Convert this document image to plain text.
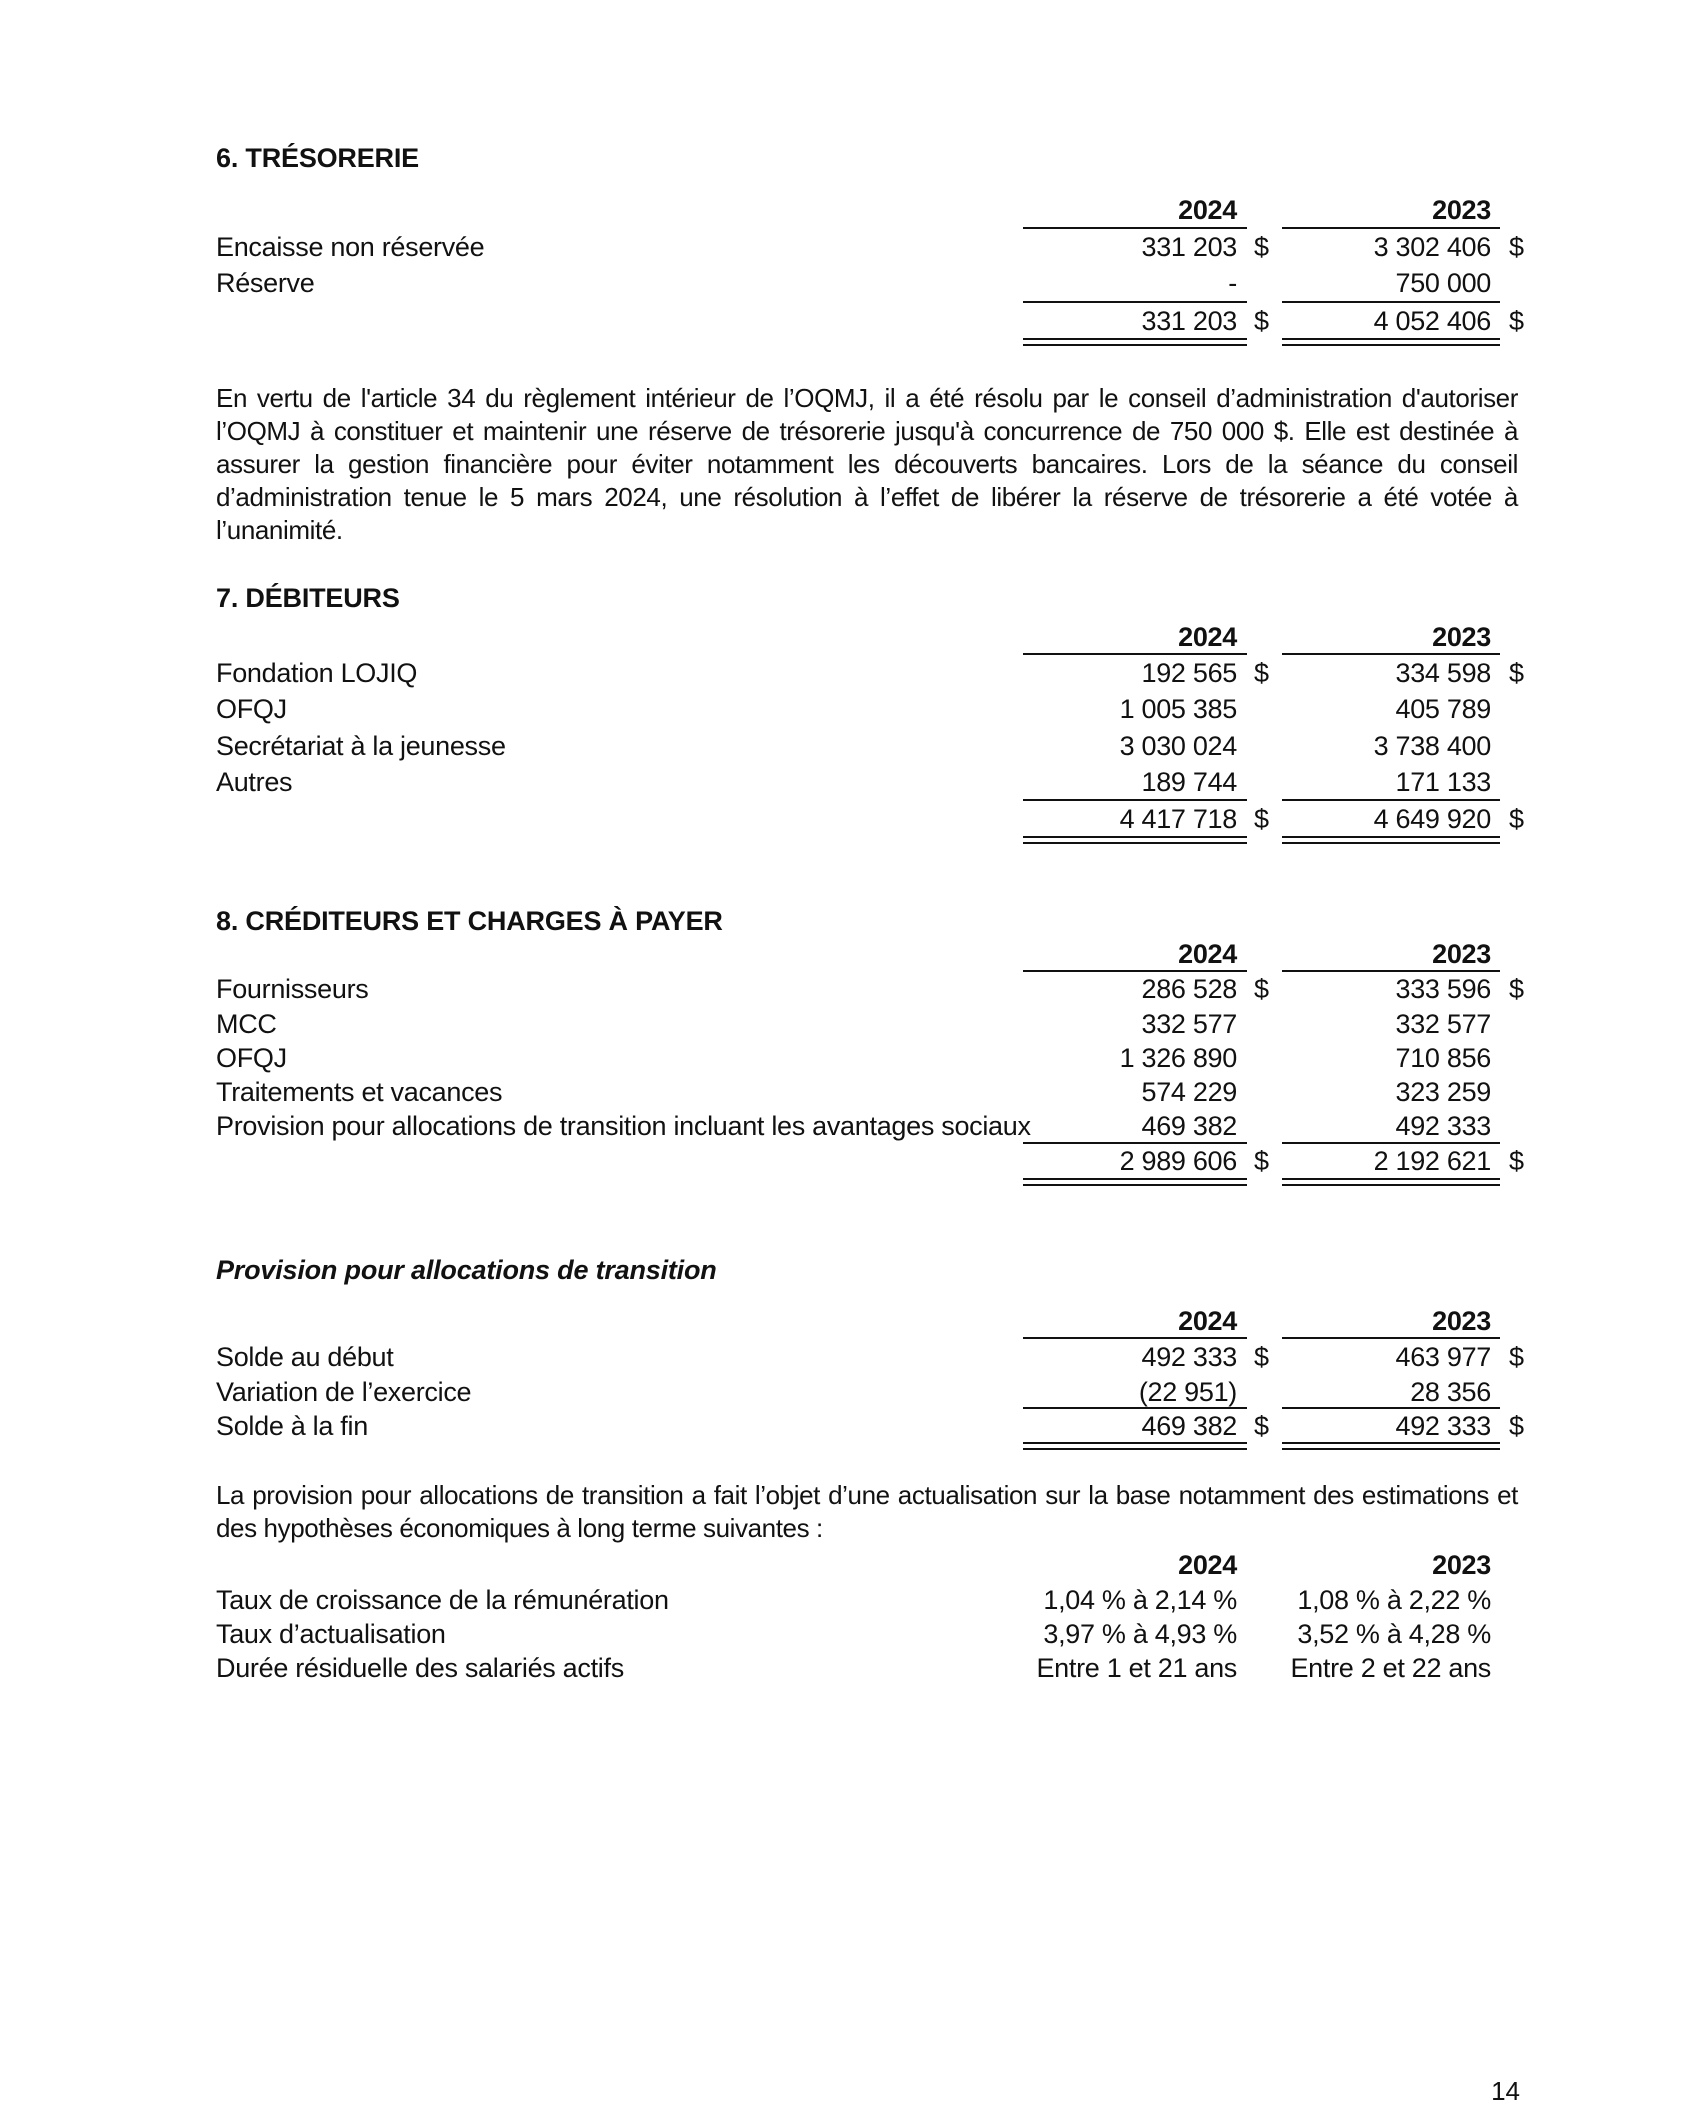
6. TRÉSORERIE
2024	2023
Encaisse non réservée	331 203 $	3 302 406 $
Réserve	-	750 000
331 203 $	4 052 406 $
En vertu de l'article 34 du règlement intérieur de l’OQMJ, il a été résolu par le conseil d’administration d'autoriser l’OQMJ à constituer et maintenir une réserve de trésorerie jusqu'à concurrence de 750 000 $. Elle est destinée à assurer la gestion financière pour éviter notamment les découverts bancaires. Lors de la séance du conseil d’administration tenue le 5 mars 2024, une résolution à l’effet de libérer la réserve de trésorerie a été votée à l’unanimité.
7. DÉBITEURS
2024	2023
Fondation LOJIQ	192 565 $	334 598 $
OFQJ	1 005 385	405 789
Secrétariat à la jeunesse	3 030 024	3 738 400
Autres	189 744	171 133
4 417 718 $	4 649 920 $
8. CRÉDITEURS ET CHARGES À PAYER
2024	2023
Fournisseurs	286 528 $	333 596 $
MCC	332 577	332 577
OFQJ	1 326 890	710 856
Traitements et vacances	574 229	323 259
Provision pour allocations de transition incluant les avantages sociaux	469 382	492 333
2 989 606 $	2 192 621 $
Provision pour allocations de transition
2024	2023
Solde au début	492 333 $	463 977 $
Variation de l’exercice	(22 951)	28 356
Solde à la fin	469 382 $	492 333 $
La provision pour allocations de transition a fait l’objet d’une actualisation sur la base notamment des estimations et des hypothèses économiques à long terme suivantes :
2024	2023
Taux de croissance de la rémunération	1,04 % à 2,14 %	1,08 % à 2,22 %
Taux d’actualisation	3,97 % à 4,93 %	3,52 % à 4,28 %
Durée résiduelle des salariés actifs	Entre 1 et 21 ans	Entre 2 et 22 ans
14
